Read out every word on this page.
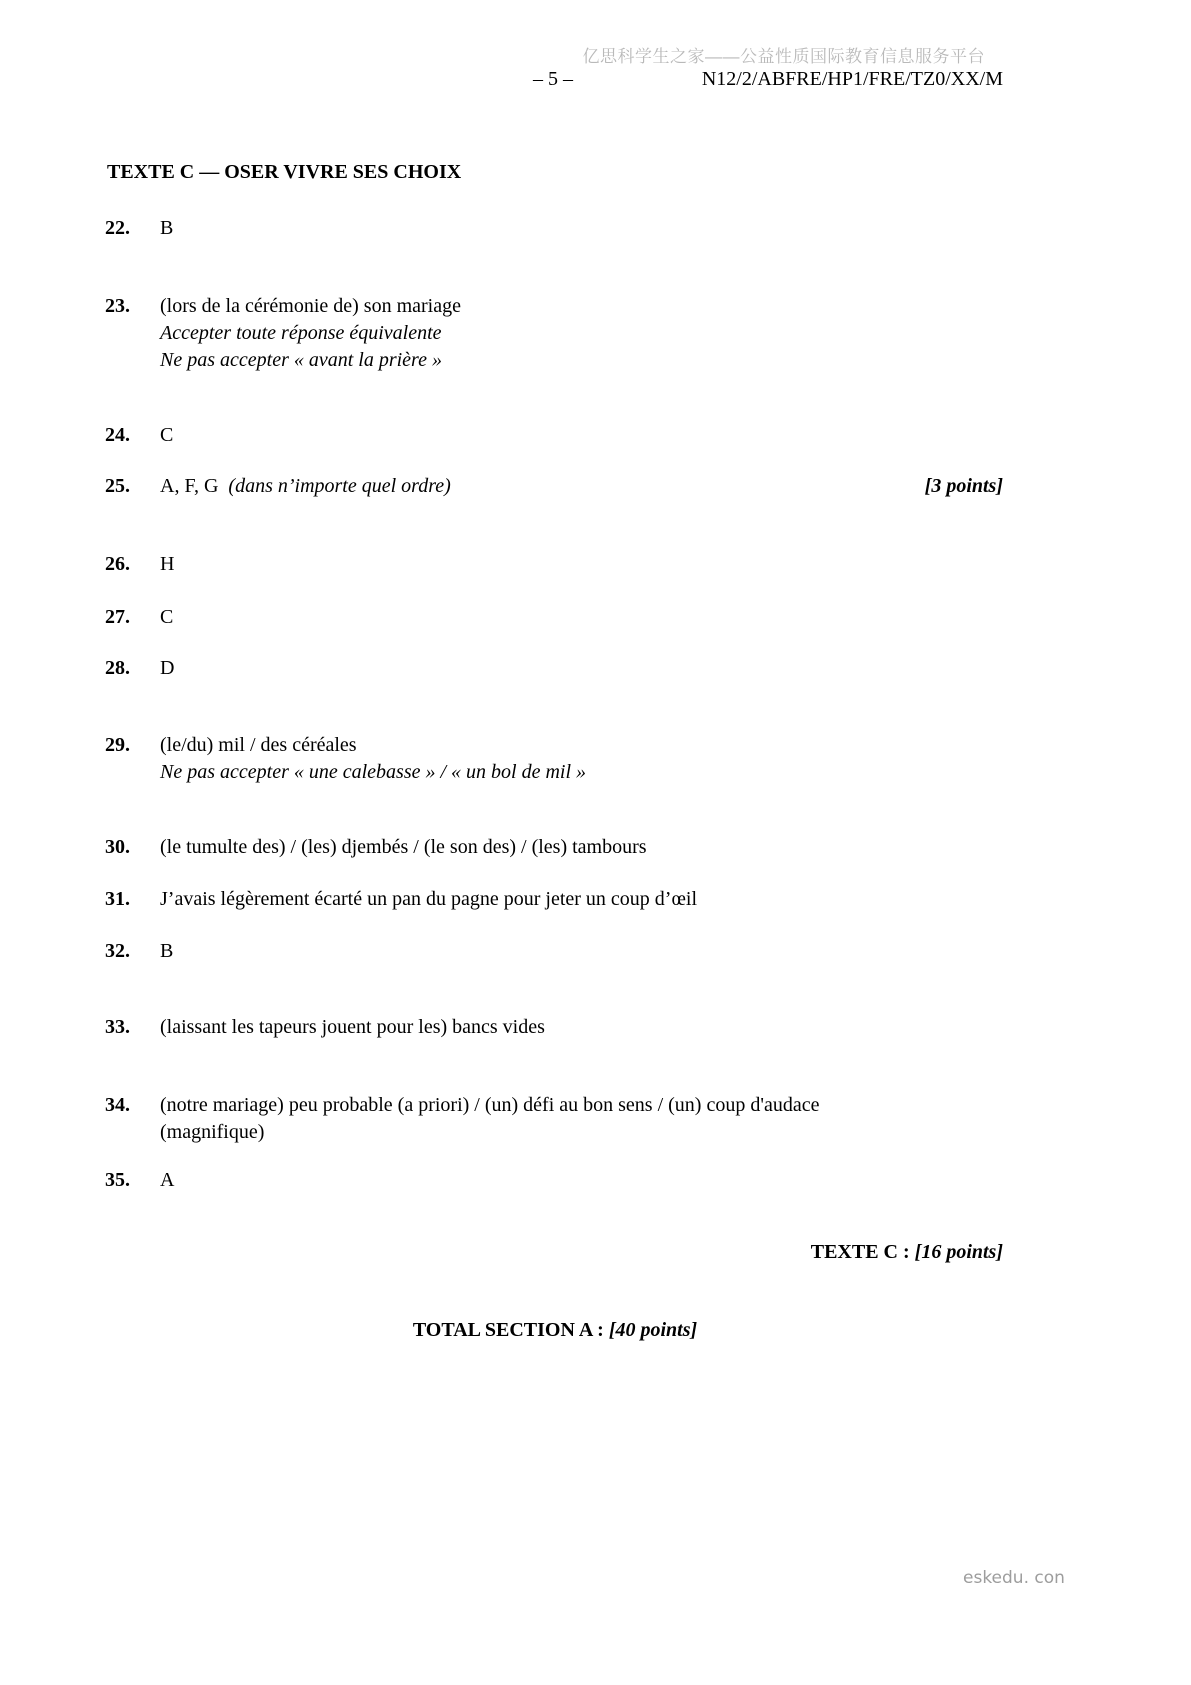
亿思科学生之家——公益性质国际教育信息服务平台
– 5 –	N12/2/ABFRE/HP1/FRE/TZ0/XX/M
TEXTE C — OSER VIVRE SES CHOIX
22.	B
23.	(lors de la cérémonie de) son mariage
Accepter toute réponse équivalente
Ne pas accepter « avant la prière »
24.	C
25.	A, F, G (dans n’importe quel ordre)	[3 points]
26.	H
27.	C
28.	D
29.	(le/du) mil / des céréales
Ne pas accepter « une calebasse » / « un bol de mil »
30.	(le tumulte des) / (les) djembés / (le son des) / (les) tambours
31.	J’avais légèrement écarté un pan du pagne pour jeter un coup d’œil
32.	B
33.	(laissant les tapeurs jouent pour les) bancs vides
34.	(notre mariage) peu probable (a priori) / (un) défi au bon sens / (un) coup d'audace
(magnifique)
35.	A
TEXTE C : [16 points]
TOTAL SECTION A : [40 points]
eskedu. con
